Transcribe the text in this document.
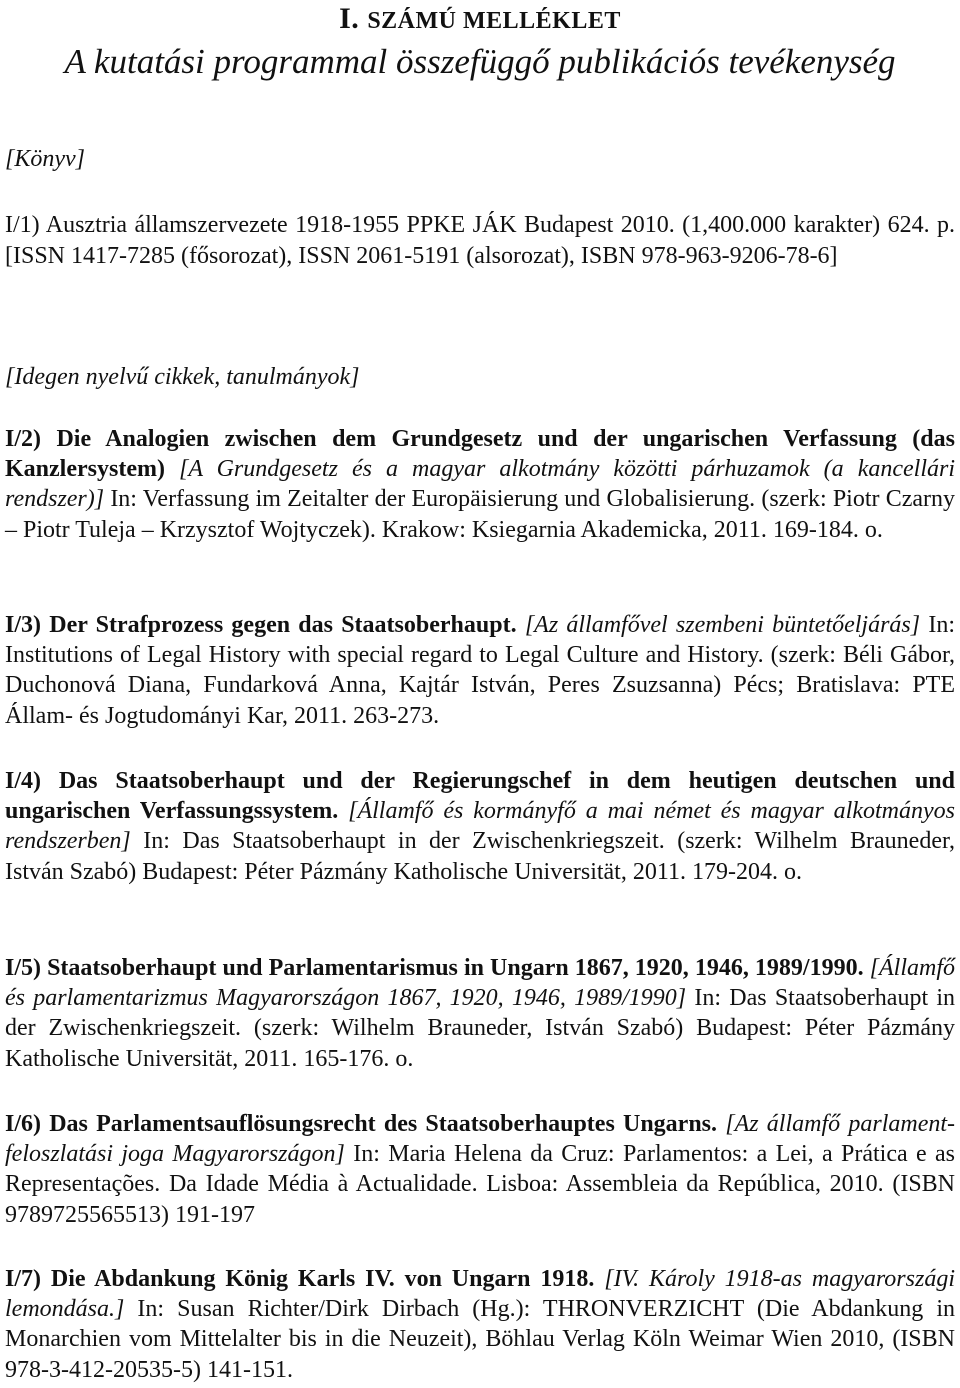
I. SZÁMÚ MELLÉKLET
A kutatási programmal összefüggő publikációs tevékenység
[Könyv]
I/1) Ausztria államszervezete 1918-1955 PPKE JÁK Budapest 2010. (1,400.000 karakter) 624. p. [ISSN 1417-7285 (fősorozat), ISSN 2061-5191 (alsorozat), ISBN 978-963-9206-78-6]
[Idegen nyelvű cikkek, tanulmányok]
I/2) Die Analogien zwischen dem Grundgesetz und der ungarischen Verfassung (das Kanzlersystem) [A Grundgesetz és a magyar alkotmány közötti párhuzamok (a kancellári rendszer)] In: Verfassung im Zeitalter der Europäisierung und Globalisierung. (szerk: Piotr Czarny – Piotr Tuleja – Krzysztof Wojtyczek). Krakow: Ksiegarnia Akademicka, 2011. 169-184. o.
I/3) Der Strafprozess gegen das Staatsoberhaupt. [Az államfővel szembeni büntetőeljárás] In: Institutions of Legal History with special regard to Legal Culture and History. (szerk: Béli Gábor, Duchonová Diana, Fundarková Anna, Kajtár István, Peres Zsuzsanna) Pécs; Bratislava: PTE Állam- és Jogtudományi Kar, 2011. 263-273.
I/4) Das Staatsoberhaupt und der Regierungschef in dem heutigen deutschen und ungarischen Verfassungssystem. [Államfő és kormányfő a mai német és magyar alkotmányos rendszerben] In: Das Staatsoberhaupt in der Zwischenkriegszeit. (szerk: Wilhelm Brauneder, István Szabó) Budapest: Péter Pázmány Katholische Universität, 2011. 179-204. o.
I/5) Staatsoberhaupt und Parlamentarismus in Ungarn 1867, 1920, 1946, 1989/1990. [Államfő és parlamentarizmus Magyarországon 1867, 1920, 1946, 1989/1990] In: Das Staatsoberhaupt in der Zwischenkriegszeit. (szerk: Wilhelm Brauneder, István Szabó) Budapest: Péter Pázmány Katholische Universität, 2011. 165-176. o.
I/6) Das Parlamentsauflösungsrecht des Staatsoberhauptes Ungarns. [Az államfő parlament-feloszlatási joga Magyarországon] In: Maria Helena da Cruz: Parlamentos: a Lei, a Prática e as Representações. Da Idade Média à Actualidade. Lisboa: Assembleia da República, 2010. (ISBN 9789725565513) 191-197
I/7) Die Abdankung König Karls IV. von Ungarn 1918. [IV. Károly 1918-as magyarországi lemondása.] In: Susan Richter/Dirk Dirbach (Hg.): THRONVERZICHT (Die Abdankung in Monarchien vom Mittelalter bis in die Neuzeit), Böhlau Verlag Köln Weimar Wien 2010, (ISBN 978-3-412-20535-5) 141-151.
